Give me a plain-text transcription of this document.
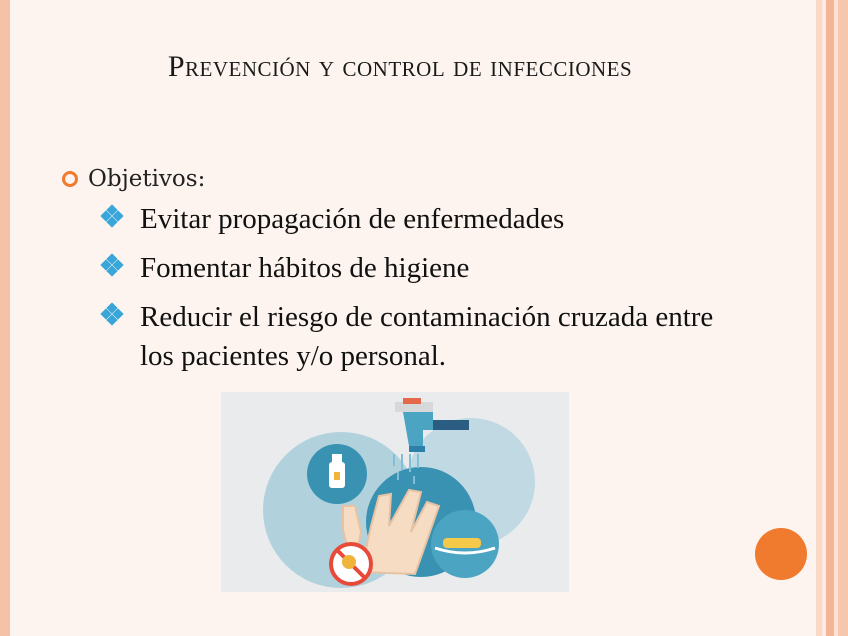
Prevención y control de infecciones
Objetivos:
Evitar propagación de enfermedades
Fomentar hábitos de higiene
Reducir el riesgo de contaminación cruzada entre los pacientes y/o personal.
